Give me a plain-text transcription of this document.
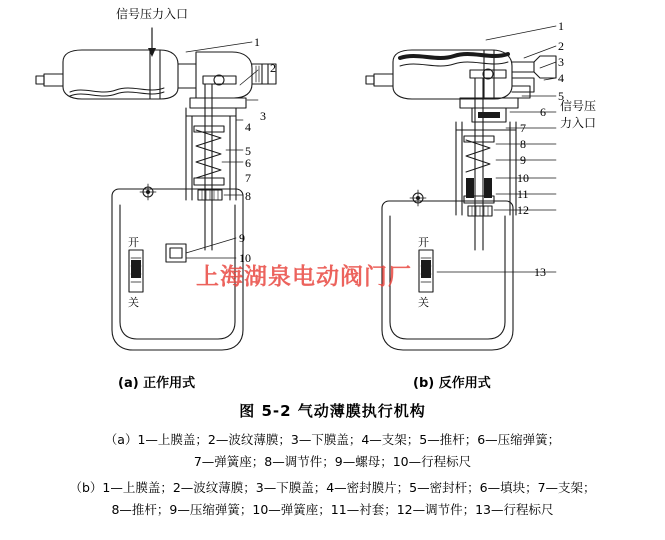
信号压力入口
信号压
力入口
1
2
3
4
5
6
7
8
9
10
1
2
3
4
5
6
7
8
9
10
11
12
13
开
关
开
关
上海湖泉电动阀门厂
(a) 正作用式	(b) 反作用式
图 5-2 气动薄膜执行机构
（a）1—上膜盖；2—波纹薄膜；3—下膜盖；4—支架；5—推杆；6—压缩弹簧；
7—弹簧座；8—调节件；9—螺母；10—行程标尺
（b）1—上膜盖；2—波纹薄膜；3—下膜盖；4—密封膜片；5—密封杆；6—填块；7—支架；
8—推杆；9—压缩弹簧；10—弹簧座；11—衬套；12—调节件；13—行程标尺
